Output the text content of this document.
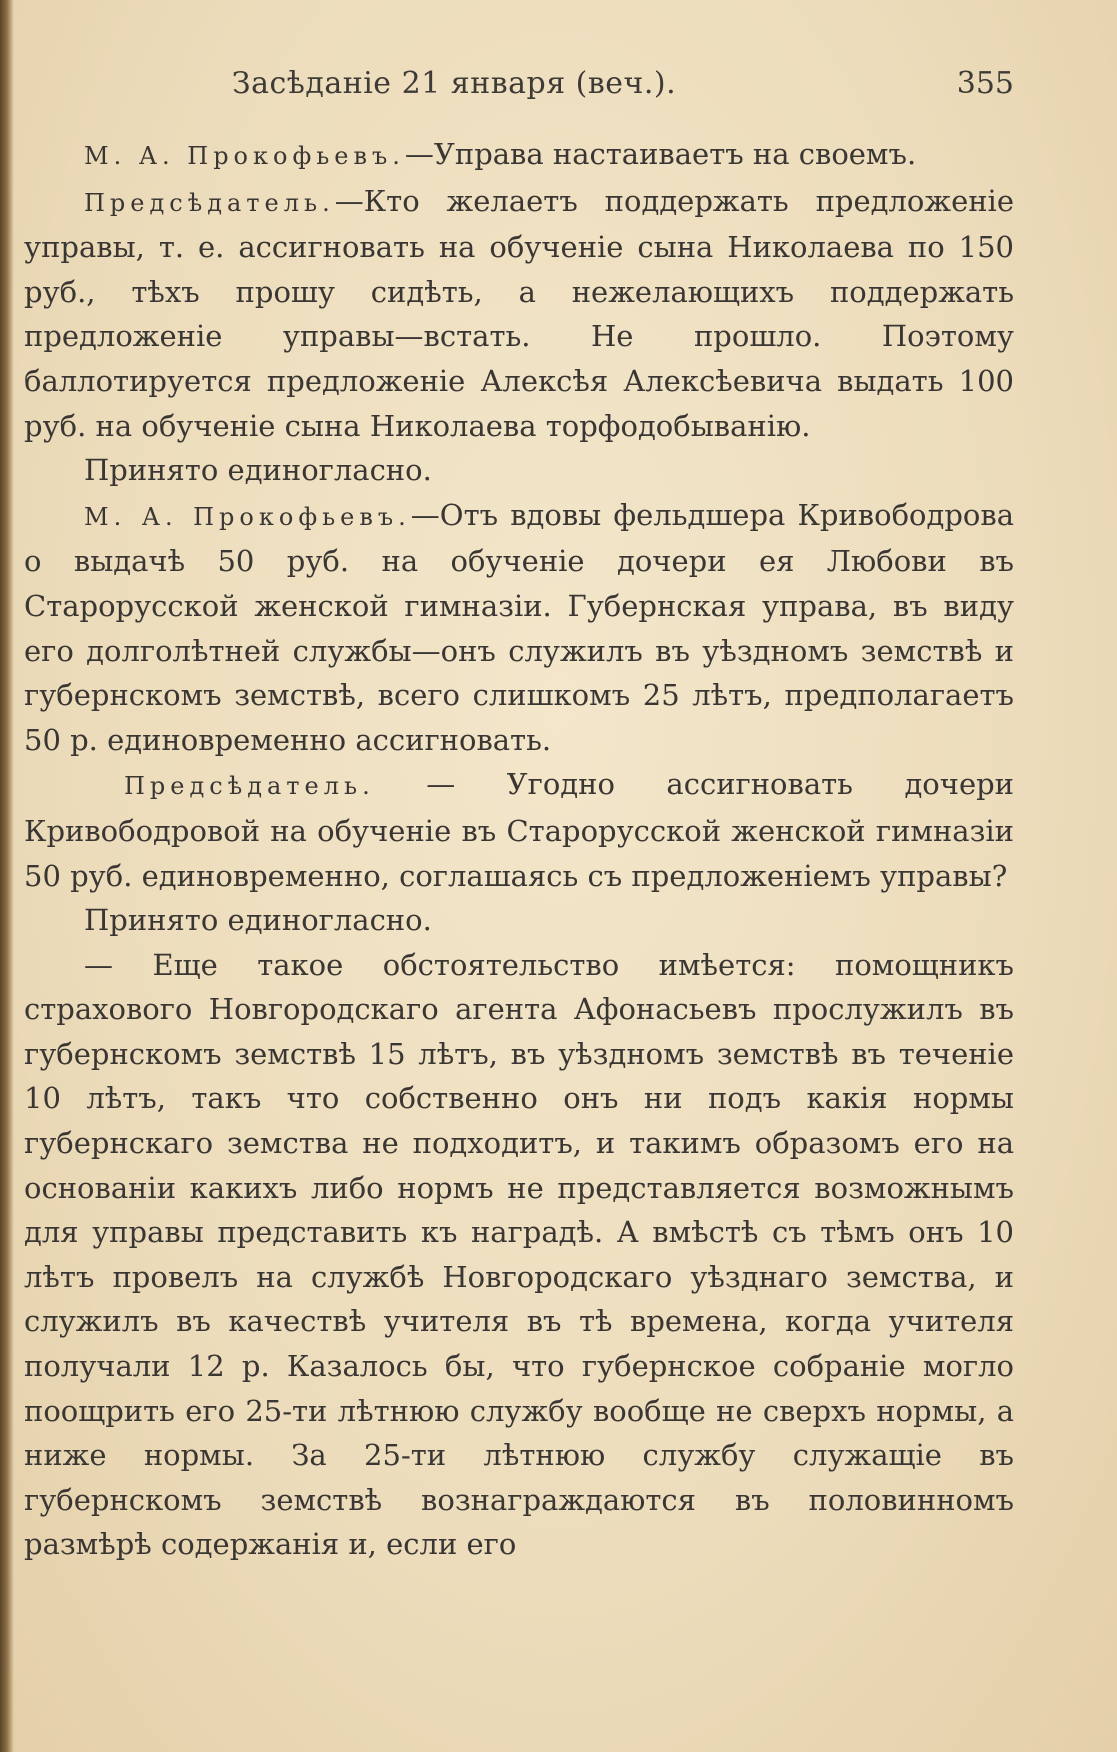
Засѣданіе 21 января (веч.).	355

М. А. Прокофьевъ.—Управа настаиваетъ на своемъ.

Предсѣдатель.—Кто желаетъ поддержать предложеніе управы, т. е. ассигновать на обученіе сына Николаева по 150 руб., тѣхъ прошу сидѣть, а нежелающихъ поддержать предложеніе управы—встать. Не прошло. Поэтому баллотируется предложеніе Алексѣя Алексѣевича выдать 100 руб. на обученіе сына Николаева торфодобыванію.

Принято единогласно.

М. А. Прокофьевъ.—Отъ вдовы фельдшера Кривободрова о выдачѣ 50 руб. на обученіе дочери ея Любови въ Старорусской женской гимназіи. Губернская управа, въ виду его долголѣтней службы—онъ служилъ въ уѣздномъ земствѣ и губернскомъ земствѣ, всего слишкомъ 25 лѣтъ, предполагаетъ 50 р. единовременно ассигновать.

Предсѣдатель. — Угодно ассигновать дочери Кривободровой на обученіе въ Старорусской женской гимназіи 50 руб. единовременно, соглашаясь съ предложеніемъ управы?

Принято единогласно.

— Еще такое обстоятельство имѣется: помощникъ страхового Новгородскаго агента Афонасьевъ прослужилъ въ губернскомъ земствѣ 15 лѣтъ, въ уѣздномъ земствѣ въ теченіе 10 лѣтъ, такъ что собственно онъ ни подъ какія нормы губернскаго земства не подходитъ, и такимъ образомъ его на основаніи какихъ либо нормъ не представляется возможнымъ для управы представить къ наградѣ. А вмѣстѣ съ тѣмъ онъ 10 лѣтъ провелъ на службѣ Новгородскаго уѣзднаго земства, и служилъ въ качествѣ учителя въ тѣ времена, когда учителя получали 12 р. Казалось бы, что губернское собраніе могло поощрить его 25-ти лѣтнюю службу вообще не сверхъ нормы, а ниже нормы. За 25-ти лѣтнюю службу служащіе въ губернскомъ земствѣ вознаграждаются въ половинномъ размѣрѣ содержанія и, если его
